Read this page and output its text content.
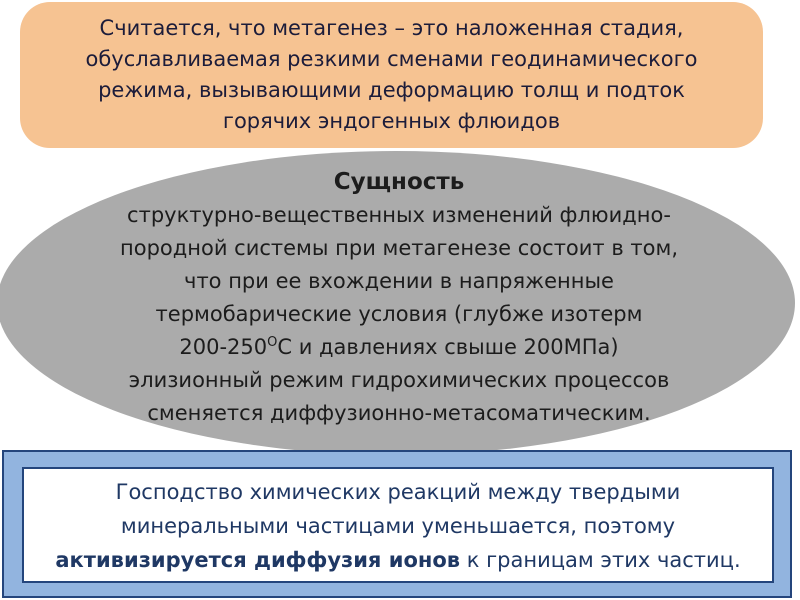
Считается, что метагенез – это наложенная стадия,
обуславливаемая резкими сменами геодинамического
режима, вызывающими деформацию толщ и подток
горячих эндогенных флюидов
Сущность
структурно-вещественных изменений флюидно-
породной системы при метагенезе состоит в том,
что при ее вхождении в напряженные
термобарические условия (глубже изотерм
$200-250^ОС$ и давлениях свыше 200МПа)
элизионный режим гидрохимических процессов
сменяется диффузионно-метасоматическим.
Господство химических реакций между твердыми
минеральными частицами уменьшается, поэтому
активизируется диффузия ионов к границам этих частиц.
